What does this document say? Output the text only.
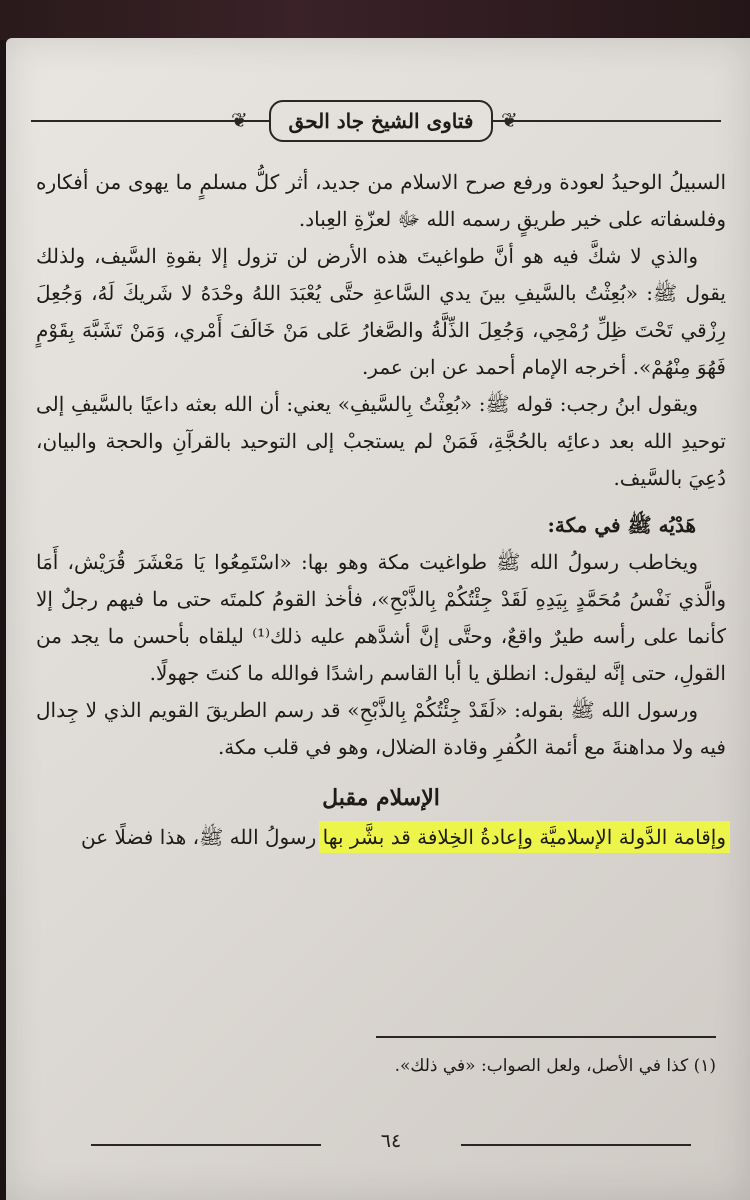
❦ فتاوى الشيخ جاد الحق ❦

السبيلُ الوحيدُ لعودة ورفع صرح الاسلام من جديد، أثر كلُّ مسلمٍ ما يهوى من أفكاره وفلسفاته على خير طريقٍ رسمه الله ﷻ لعزّةِ العِباد.

والذي لا شكَّ فيه هو أنَّ طواغيتَ هذه الأرض لن تزول إلا بقوةِ السَّيف، ولذلك يقول ﷺ: «بُعِثْتُ بالسَّيفِ بينَ يدي السَّاعةِ حتَّى يُعْبَدَ اللهُ وحْدَهُ لا شَريكَ لَهُ، وَجُعِلَ رِزْقي تَحْتَ ظِلِّ رُمْحِي، وَجُعِلَ الذِّلَّةُ والصَّغارُ عَلى مَنْ خَالَفَ أَمْري، وَمَنْ تَشَبَّهَ بِقَوْمٍ فَهُوَ مِنْهُمْ». أخرجه الإمام أحمد عن ابن عمر.

ويقول ابنُ رجب: قوله ﷺ: «بُعِثْتُ بِالسَّيفِ» يعني: أن الله بعثه داعيًا بالسَّيفِ إلى توحيدِ الله بعد دعائِه بالحُجَّةِ، فَمَنْ لم يستجبْ إلى التوحيد بالقرآنِ والحجة والبيان، دُعِيَ بالسَّيف.

هَدْيُه ﷺ في مكة:

ويخاطب رسولُ الله ﷺ طواغيت مكة وهو بها: «اسْتَمِعُوا يَا مَعْشَرَ قُرَيْش، أَمَا والَّذي نَفْسُ مُحَمَّدٍ بِيَدِهِ لَقَدْ جِئْتُكُمْ بِالذَّبْحِ»، فأخذ القومُ كلمتَه حتى ما فيهم رجلٌ إلا كأنما على رأسه طيرٌ واقعٌ، وحتَّى إنَّ أشدَّهم عليه ذلك⁽¹⁾ ليلقاه بأحسن ما يجد من القولِ، حتى إنَّه ليقول: انطلق يا أبا القاسم راشدًا فوالله ما كنتَ جهولًا.

ورسول الله ﷺ بقوله: «لَقَدْ جِئْتُكُمْ بِالذَّبْحِ» قد رسم الطريقَ القويم الذي لا جِدال فيه ولا مداهنةَ مع أئمة الكُفرِ وقادة الضلال، وهو في قلب مكة.

الإسلام مقبل

وإقامة الدَّولة الإسلاميَّة وإعادةُ الخِلافة قد بشَّر بها رسولُ الله ﷺ، هذا فضلًا عن

(١) كذا في الأصل، ولعل الصواب: «في ذلك».
٦٤
